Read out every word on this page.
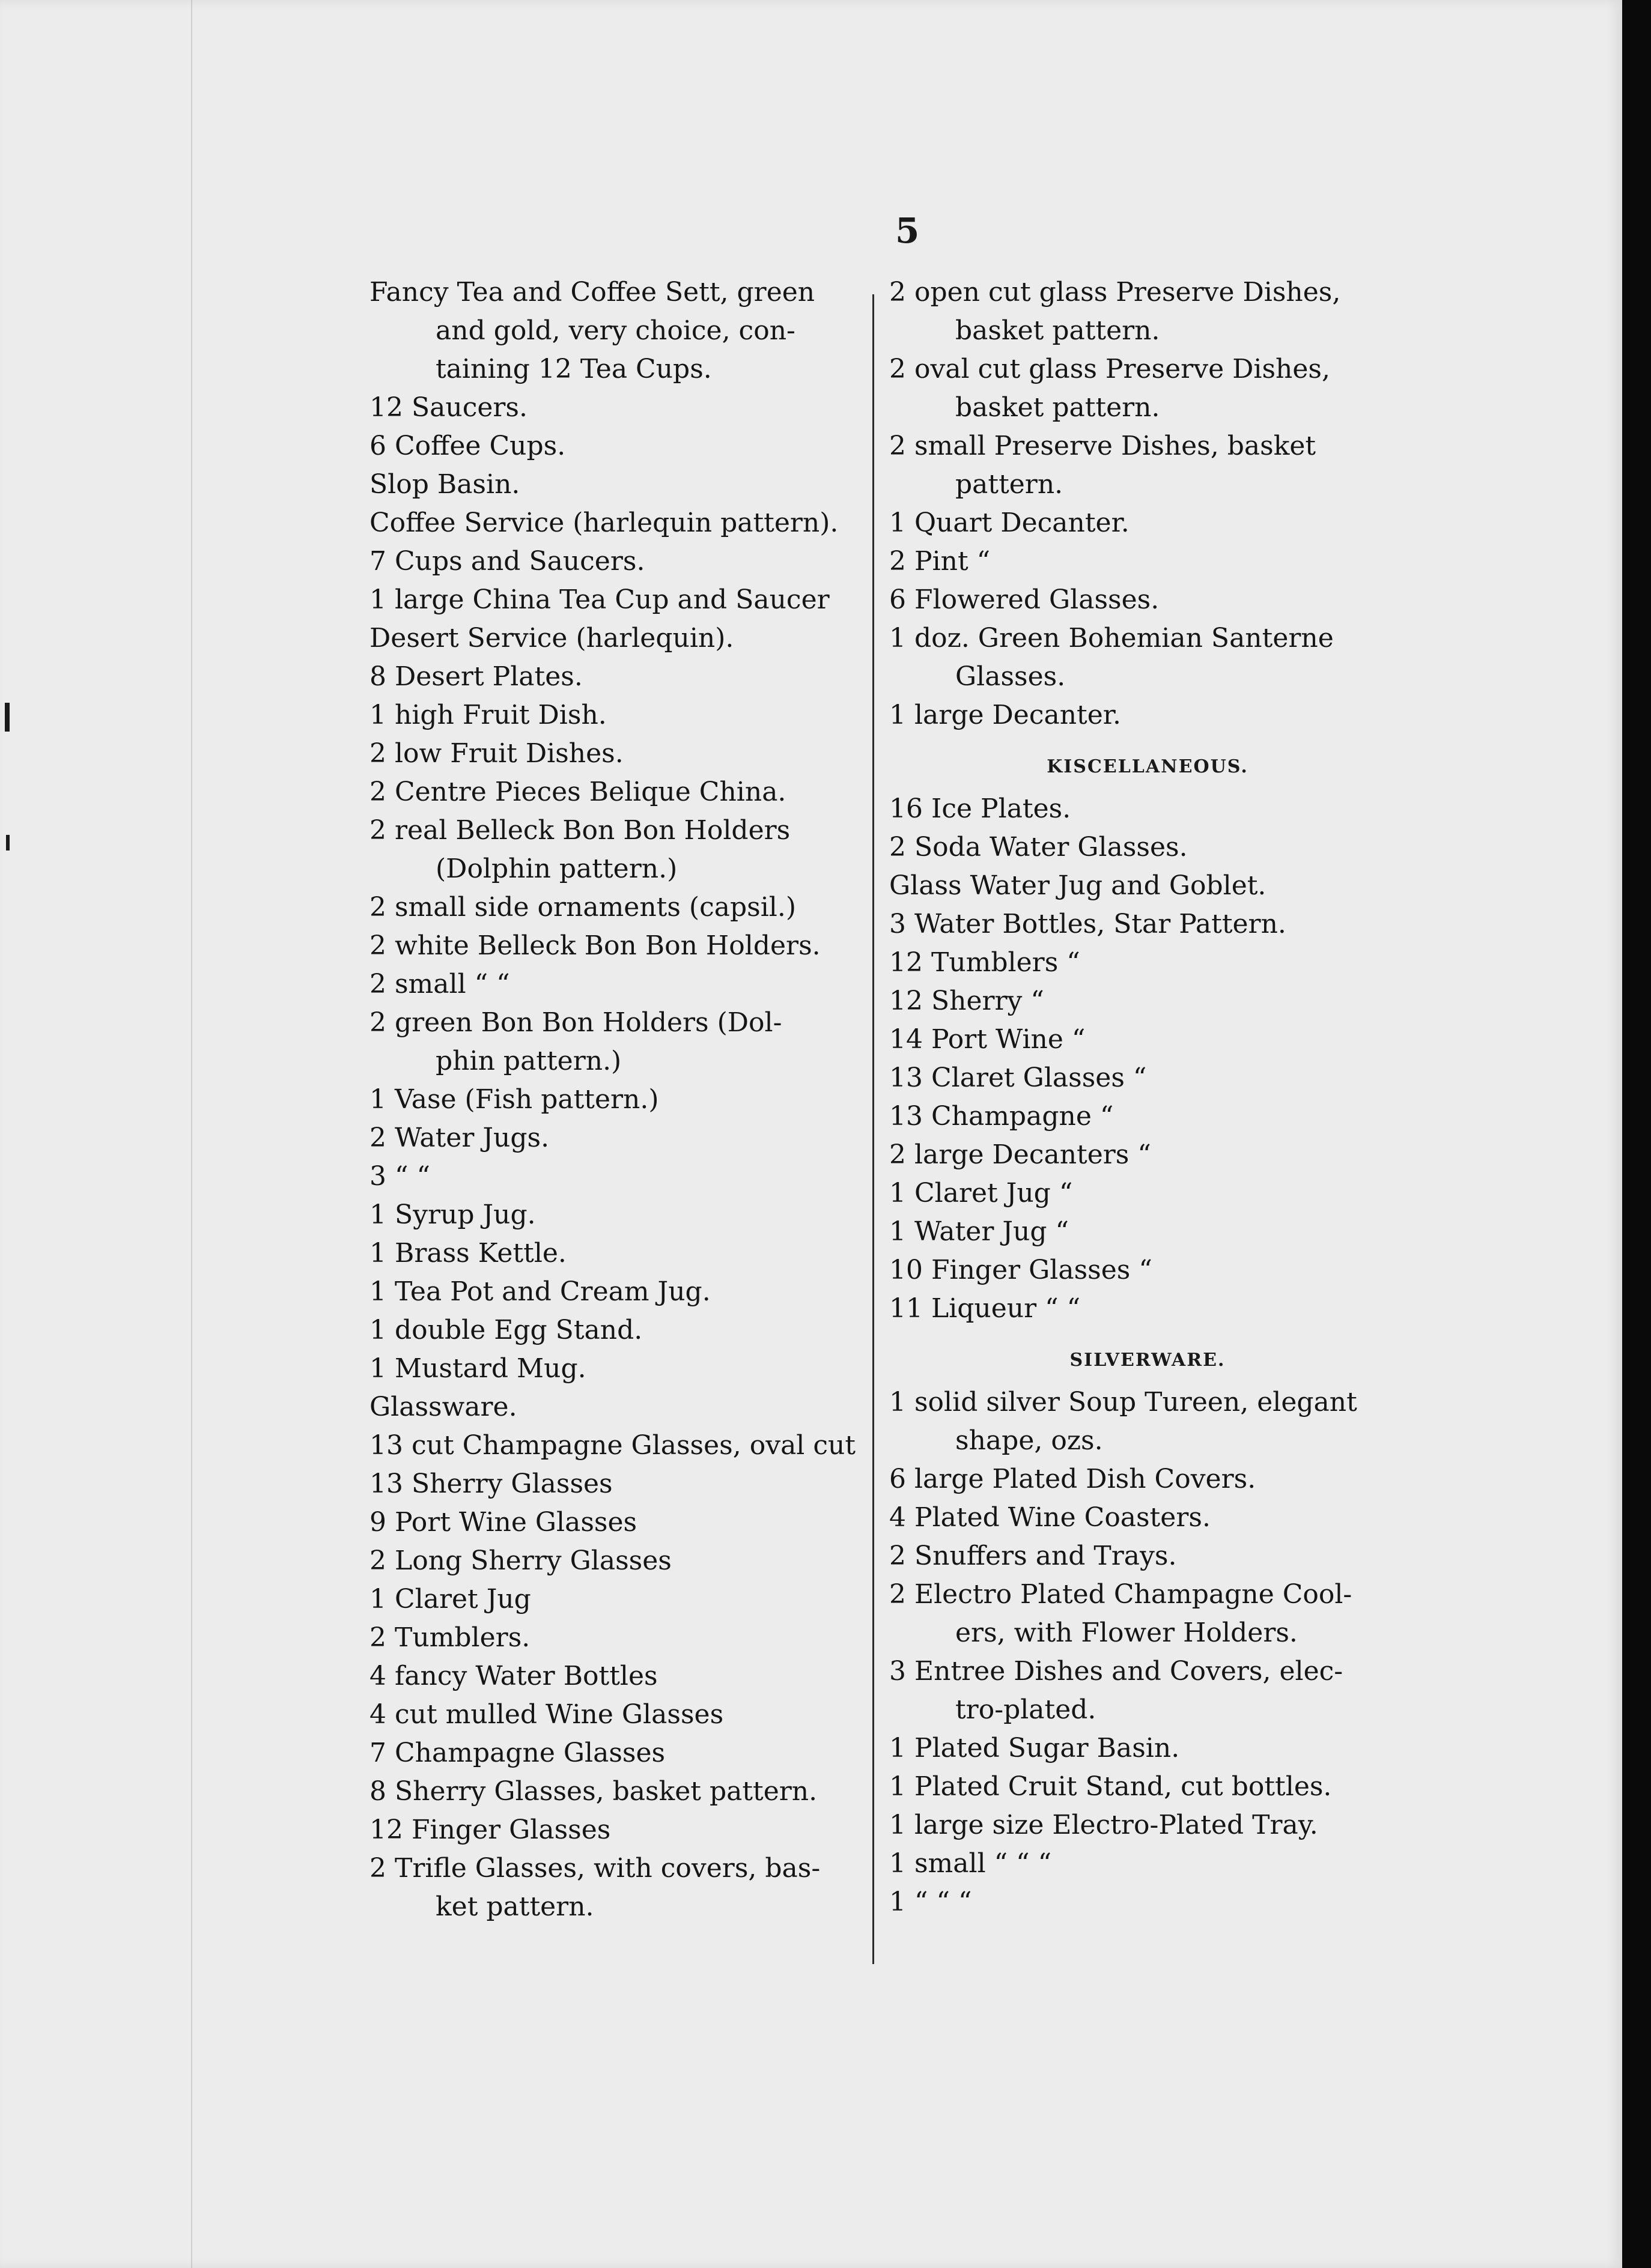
5
Fancy Tea and Coffee Sett, green
and gold, very choice, con-
taining 12 Tea Cups.
12 Saucers.
6 Coffee Cups.
Slop Basin.
Coffee Service (harlequin pattern).
7 Cups and Saucers.
1 large China Tea Cup and Saucer
Desert Service (harlequin).
8 Desert Plates.
1 high Fruit Dish.
2 low Fruit Dishes.
2 Centre Pieces Belique China.
2 real Belleck Bon Bon Holders
(Dolphin pattern.)
2 small side ornaments (capsil.)
2 white Belleck Bon Bon Holders.
2 small “ “
2 green Bon Bon Holders (Dol-
phin pattern.)
1 Vase (Fish pattern.)
2 Water Jugs.
3 “ “
1 Syrup Jug.
1 Brass Kettle.
1 Tea Pot and Cream Jug.
1 double Egg Stand.
1 Mustard Mug.
Glassware.
13 cut Champagne Glasses, oval cut
13 Sherry Glasses
9 Port Wine Glasses
2 Long Sherry Glasses
1 Claret Jug
2 Tumblers.
4 fancy Water Bottles
4 cut mulled Wine Glasses
7 Champagne Glasses
8 Sherry Glasses, basket pattern.
12 Finger Glasses
2 Trifle Glasses, with covers, bas-
ket pattern.
2 open cut glass Preserve Dishes,
basket pattern.
2 oval cut glass Preserve Dishes,
basket pattern.
2 small Preserve Dishes, basket
pattern.
1 Quart Decanter.
2 Pint “
6 Flowered Glasses.
1 doz. Green Bohemian Santerne
Glasses.
1 large Decanter.
KISCELLANEOUS.
16 Ice Plates.
2 Soda Water Glasses.
Glass Water Jug and Goblet.
3 Water Bottles, Star Pattern.
12 Tumblers “
12 Sherry “
14 Port Wine “
13 Claret Glasses “
13 Champagne “
2 large Decanters “
1 Claret Jug “
1 Water Jug “
10 Finger Glasses “
11 Liqueur “ “
SILVERWARE.
1 solid silver Soup Tureen, elegant
shape, ozs.
6 large Plated Dish Covers.
4 Plated Wine Coasters.
2 Snuffers and Trays.
2 Electro Plated Champagne Cool-
ers, with Flower Holders.
3 Entree Dishes and Covers, elec-
tro-plated.
1 Plated Sugar Basin.
1 Plated Cruit Stand, cut bottles.
1 large size Electro-Plated Tray.
1 small “ “ “
1 “ “ “
